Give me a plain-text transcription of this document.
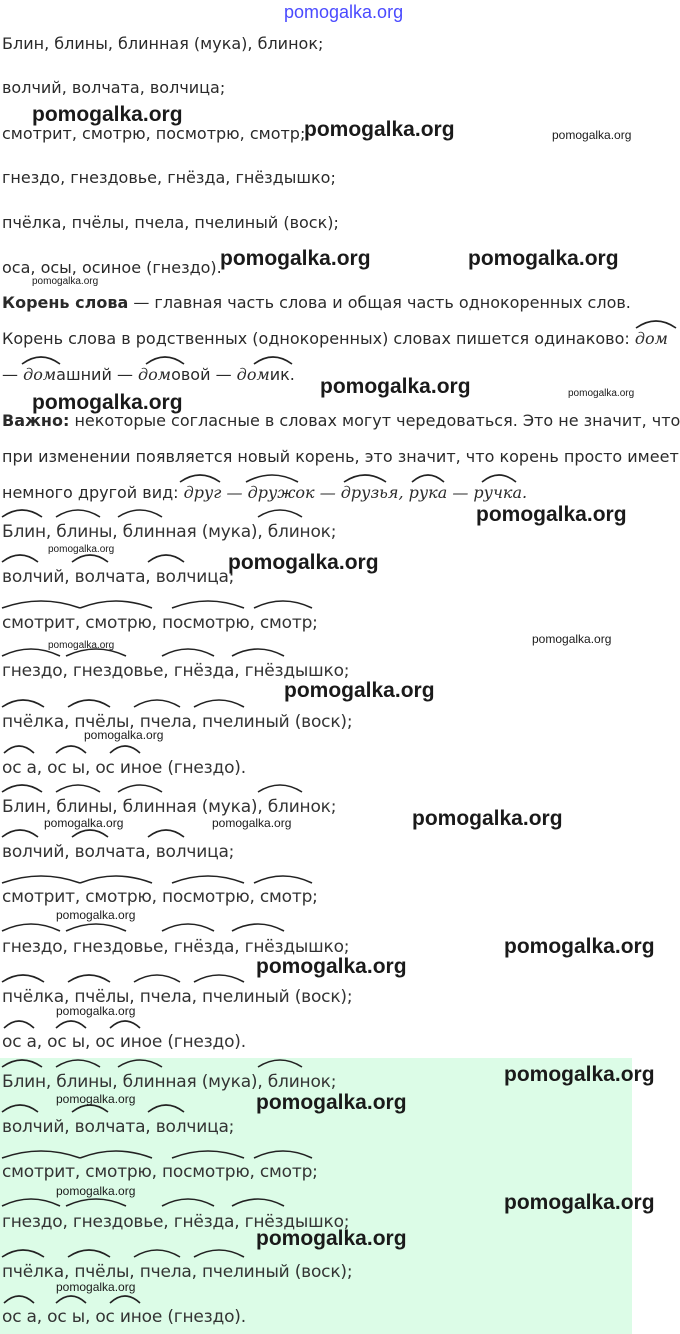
pomogalka.org
Блин, блины, блинная (мука), блинок;
волчий, волчата, волчица;
смотрит, смотрю, посмотрю, смотр;
гнездо, гнездовье, гнёзда, гнёздышко;
пчёлка, пчёлы, пчела, пчелиный (воск);
оса, осы, осиное (гнездо).
Корень слова — главная часть слова и общая часть однокоренных слов.
Корень слова в родственных (однокоренных) словах пишется одинаково: дом
— домашний — домовой — домик.
Важно: некоторые согласные в словах могут чередоваться. Это не значит, что
при изменении появляется новый корень, это значит, что корень просто имеет
немного другой вид: друг — дружок — друзья, рука — ручка.
Блин, блины, блинная (мука), блинок;
волчий, волчата, волчица;
смотрит, смотрю, посмотрю, смотр;
гнездо, гнездовье, гнёзда, гнёздышко;
пчёлка, пчёлы, пчела, пчелиный (воск);
ос а, ос ы, ос иное (гнездо).
Блин, блины, блинная (мука), блинок;
волчий, волчата, волчица;
смотрит, смотрю, посмотрю, смотр;
гнездо, гнездовье, гнёзда, гнёздышко;
пчёлка, пчёлы, пчела, пчелиный (воск);
ос а, ос ы, ос иное (гнездо).
Блин, блины, блинная (мука), блинок;
волчий, волчата, волчица;
смотрит, смотрю, посмотрю, смотр;
гнездо, гнездовье, гнёзда, гнёздышко;
пчёлка, пчёлы, пчела, пчелиный (воск);
ос а, ос ы, ос иное (гнездо).
pomogalka.org
pomogalka.org	pomogalka.org
pomogalka.org	pomogalka.org
pomogalka.org
pomogalka.org	pomogalka.org
pomogalka.org
pomogalka.org
pomogalka.org
pomogalka.org
pomogalka.org
pomogalka.org
pomogalka.org
pomogalka.org
pomogalka.org
pomogalka.org	pomogalka.org
pomogalka.org
pomogalka.org
pomogalka.org
pomogalka.org
pomogalka.org
pomogalka.org	pomogalka.org
pomogalka.org	pomogalka.org
pomogalka.org
pomogalka.org
